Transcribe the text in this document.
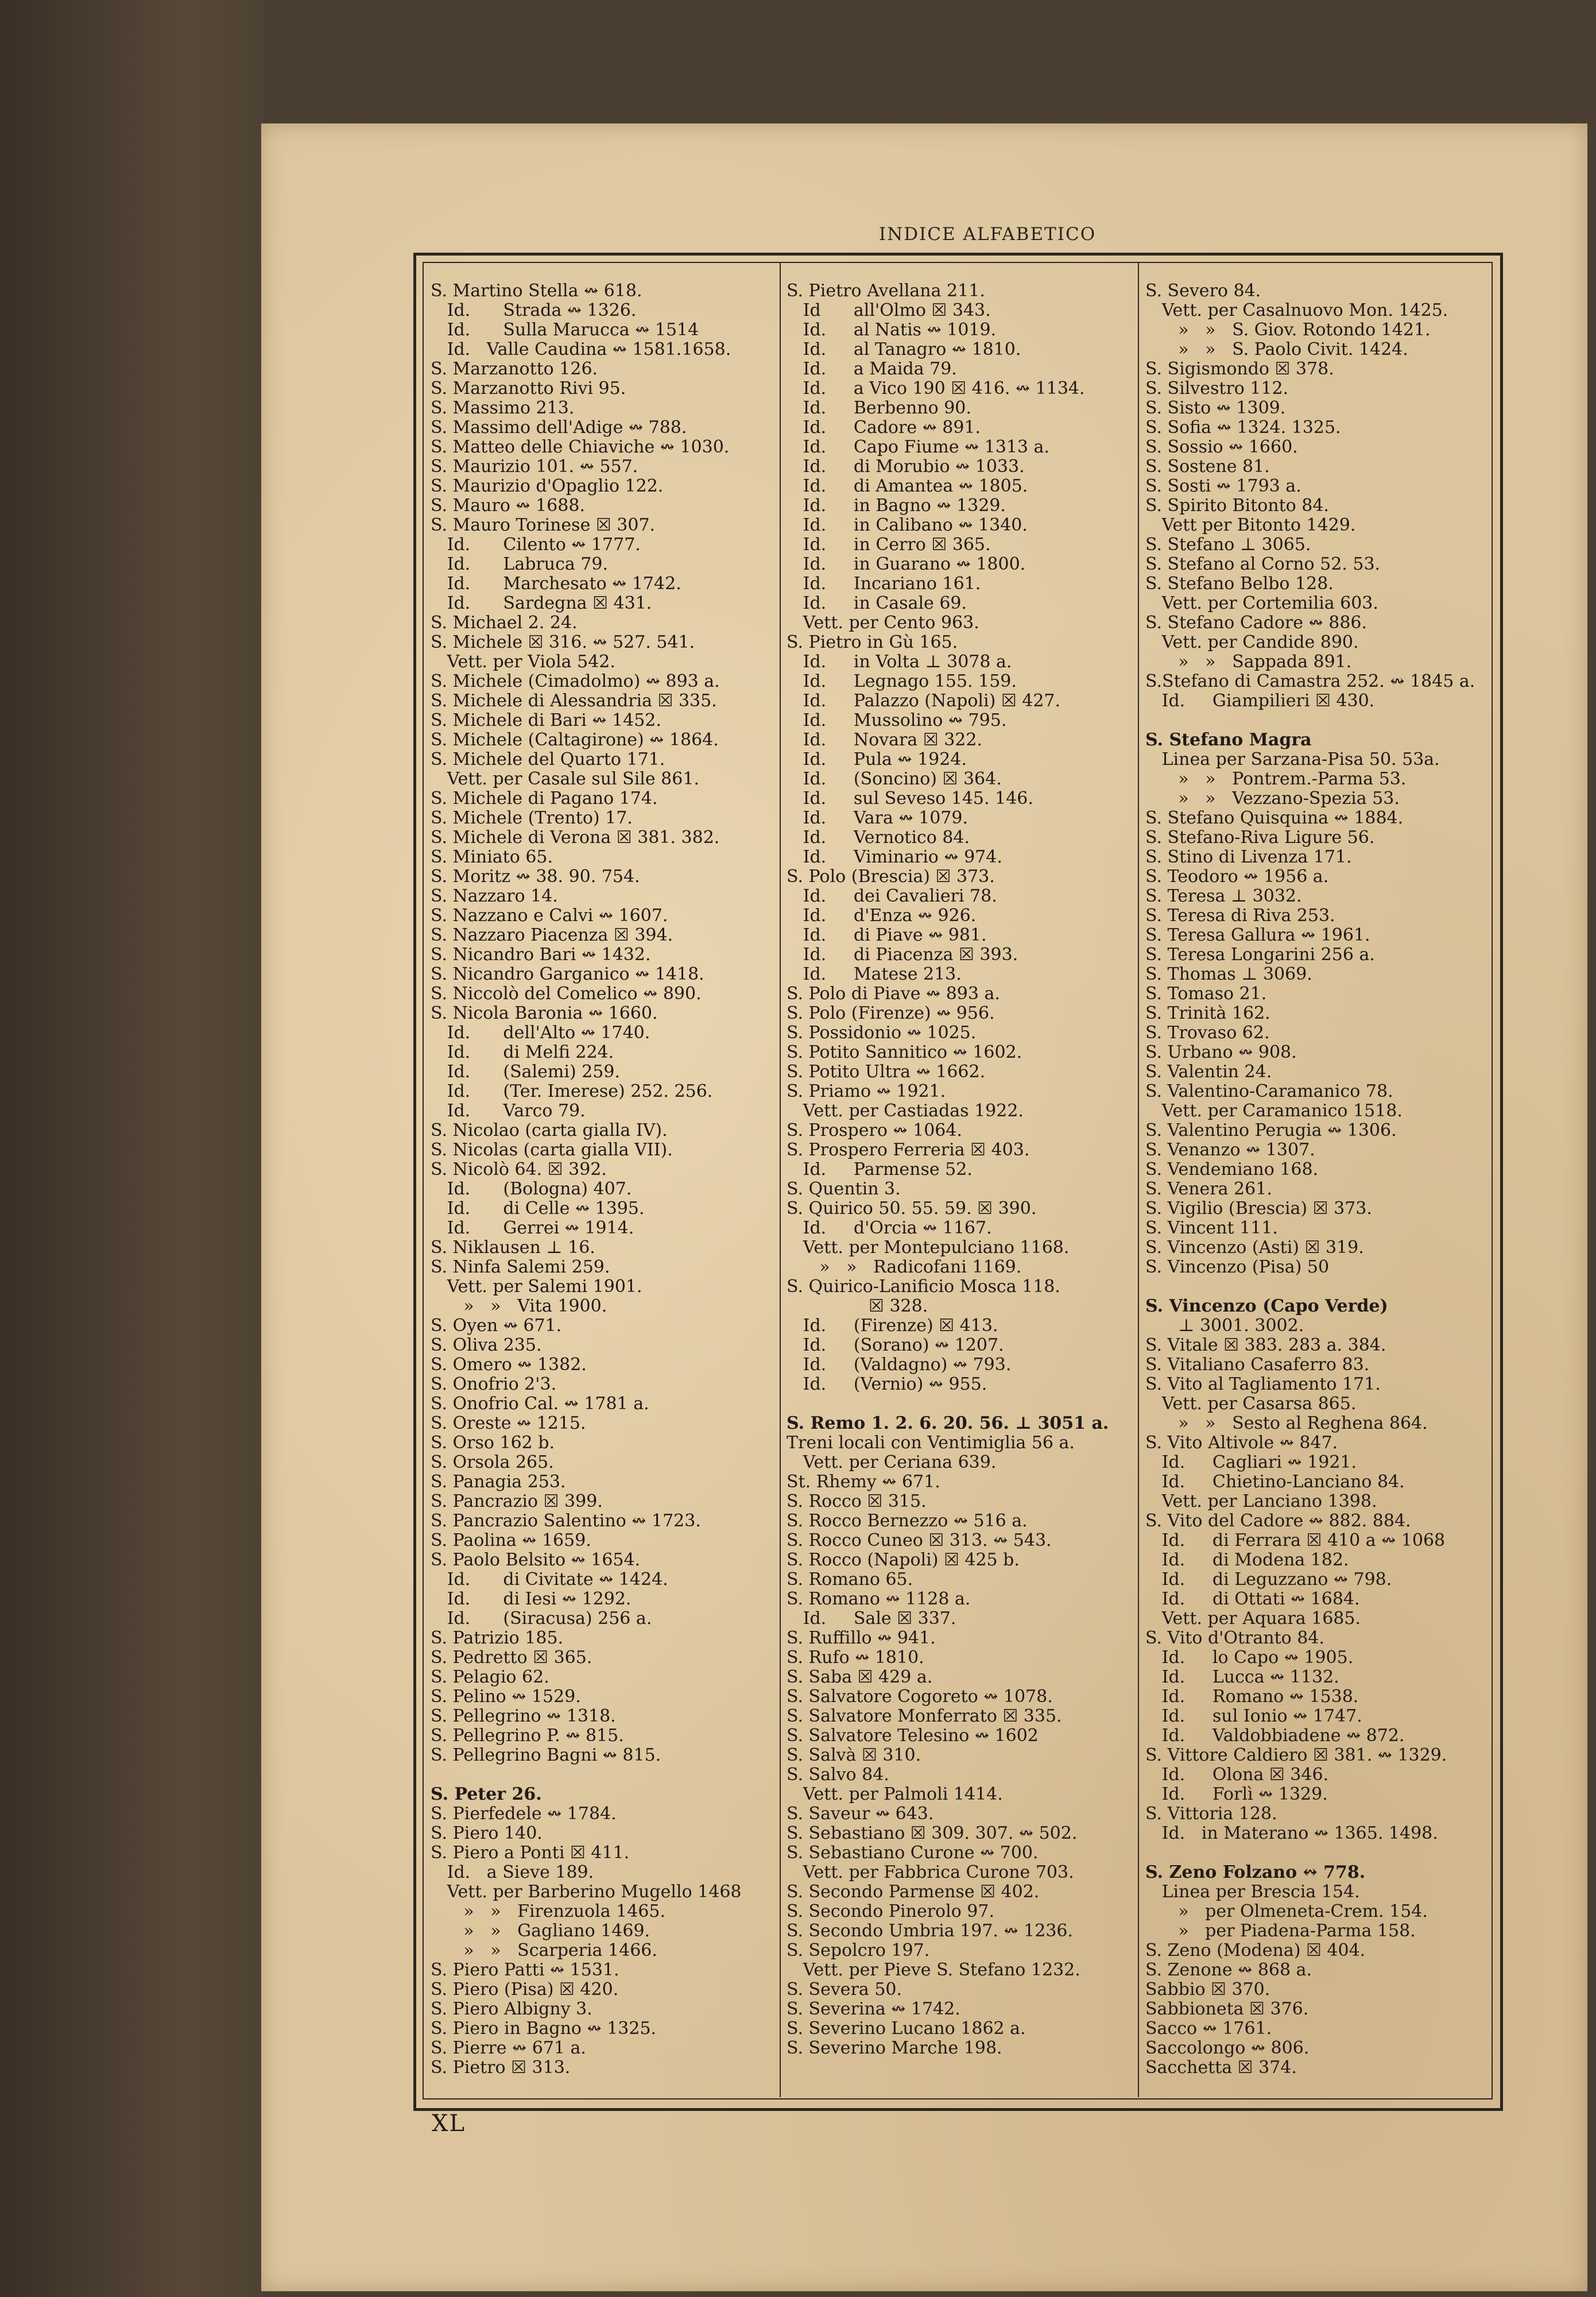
INDICE ALFABETICO
S. Martino Stella ↭ 618.
Id.      Strada ↭ 1326.
Id.      Sulla Marucca ↭ 1514
Id.   Valle Caudina ↭ 1581.1658.
S. Marzanotto 126.
S. Marzanotto Rivi 95.
S. Massimo 213.
S. Massimo dell'Adige ↭ 788.
S. Matteo delle Chiaviche ↭ 1030.
S. Maurizio 101. ↭ 557.
S. Maurizio d'Opaglio 122.
S. Mauro ↭ 1688.
S. Mauro Torinese ☒ 307.
Id.      Cilento ↭ 1777.
Id.      Labruca 79.
Id.      Marchesato ↭ 1742.
Id.      Sardegna ☒ 431.
S. Michael 2. 24.
S. Michele ☒ 316. ↭ 527. 541.
Vett. per Viola 542.
S. Michele (Cimadolmo) ↭ 893 a.
S. Michele di Alessandria ☒ 335.
S. Michele di Bari ↭ 1452.
S. Michele (Caltagirone) ↭ 1864.
S. Michele del Quarto 171.
Vett. per Casale sul Sile 861.
S. Michele di Pagano 174.
S. Michele (Trento) 17.
S. Michele di Verona ☒ 381. 382.
S. Miniato 65.
S. Moritz ↭ 38. 90. 754.
S. Nazzaro 14.
S. Nazzano e Calvi ↭ 1607.
S. Nazzaro Piacenza ☒ 394.
S. Nicandro Bari ↭ 1432.
S. Nicandro Garganico ↭ 1418.
S. Niccolò del Comelico ↭ 890.
S. Nicola Baronia ↭ 1660.
Id.      dell'Alto ↭ 1740.
Id.      di Melfi 224.
Id.      (Salemi) 259.
Id.      (Ter. Imerese) 252. 256.
Id.      Varco 79.
S. Nicolao (carta gialla IV).
S. Nicolas (carta gialla VII).
S. Nicolò 64. ☒ 392.
Id.      (Bologna) 407.
Id.      di Celle ↭ 1395.
Id.      Gerrei ↭ 1914.
S. Niklausen ⊥ 16.
S. Ninfa Salemi 259.
Vett. per Salemi 1901.
»   »   Vita 1900.
S. Oyen ↭ 671.
S. Oliva 235.
S. Omero ↭ 1382.
S. Onofrio 2'3.
S. Onofrio Cal. ↭ 1781 a.
S. Oreste ↭ 1215.
S. Orso 162 b.
S. Orsola 265.
S. Panagia 253.
S. Pancrazio ☒ 399.
S. Pancrazio Salentino ↭ 1723.
S. Paolina ↭ 1659.
S. Paolo Belsito ↭ 1654.
Id.      di Civitate ↭ 1424.
Id.      di Iesi ↭ 1292.
Id.      (Siracusa) 256 a.
S. Patrizio 185.
S. Pedretto ☒ 365.
S. Pelagio 62.
S. Pelino ↭ 1529.
S. Pellegrino ↭ 1318.
S. Pellegrino P. ↭ 815.
S. Pellegrino Bagni ↭ 815.
S. Peter 26.
S. Pierfedele ↭ 1784.
S. Piero 140.
S. Piero a Ponti ☒ 411.
Id.   a Sieve 189.
Vett. per Barberino Mugello 1468
»   »   Firenzuola 1465.
»   »   Gagliano 1469.
»   »   Scarperia 1466.
S. Piero Patti ↭ 1531.
S. Piero (Pisa) ☒ 420.
S. Piero Albigny 3.
S. Piero in Bagno ↭ 1325.
S. Pierre ↭ 671 a.
S. Pietro ☒ 313.
S. Pietro Avellana 211.
Id      all'Olmo ☒ 343.
Id.     al Natis ↭ 1019.
Id.     al Tanagro ↭ 1810.
Id.     a Maida 79.
Id.     a Vico 190 ☒ 416. ↭ 1134.
Id.     Berbenno 90.
Id.     Cadore ↭ 891.
Id.     Capo Fiume ↭ 1313 a.
Id.     di Morubio ↭ 1033.
Id.     di Amantea ↭ 1805.
Id.     in Bagno ↭ 1329.
Id.     in Calibano ↭ 1340.
Id.     in Cerro ☒ 365.
Id.     in Guarano ↭ 1800.
Id.     Incariano 161.
Id.     in Casale 69.
Vett. per Cento 963.
S. Pietro in Gù 165.
Id.     in Volta ⊥ 3078 a.
Id.     Legnago 155. 159.
Id.     Palazzo (Napoli) ☒ 427.
Id.     Mussolino ↭ 795.
Id.     Novara ☒ 322.
Id.     Pula ↭ 1924.
Id.     (Soncino) ☒ 364.
Id.     sul Seveso 145. 146.
Id.     Vara ↭ 1079.
Id.     Vernotico 84.
Id.     Viminario ↭ 974.
S. Polo (Brescia) ☒ 373.
Id.     dei Cavalieri 78.
Id.     d'Enza ↭ 926.
Id.     di Piave ↭ 981.
Id.     di Piacenza ☒ 393.
Id.     Matese 213.
S. Polo di Piave ↭ 893 a.
S. Polo (Firenze) ↭ 956.
S. Possidonio ↭ 1025.
S. Potito Sannitico ↭ 1602.
S. Potito Ultra ↭ 1662.
S. Priamo ↭ 1921.
Vett. per Castiadas 1922.
S. Prospero ↭ 1064.
S. Prospero Ferreria ☒ 403.
Id.     Parmense 52.
S. Quentin 3.
S. Quirico 50. 55. 59. ☒ 390.
Id.     d'Orcia ↭ 1167.
Vett. per Montepulciano 1168.
»   »   Radicofani 1169.
S. Quirico-Lanificio Mosca 118.
☒ 328.
Id.     (Firenze) ☒ 413.
Id.     (Sorano) ↭ 1207.
Id.     (Valdagno) ↭ 793.
Id.     (Vernio) ↭ 955.
S. Remo 1. 2. 6. 20. 56. ⊥ 3051 a.
Treni locali con Ventimiglia 56 a.
Vett. per Ceriana 639.
St. Rhemy ↭ 671.
S. Rocco ☒ 315.
S. Rocco Bernezzo ↭ 516 a.
S. Rocco Cuneo ☒ 313. ↭ 543.
S. Rocco (Napoli) ☒ 425 b.
S. Romano 65.
S. Romano ↭ 1128 a.
Id.     Sale ☒ 337.
S. Ruffillo ↭ 941.
S. Rufo ↭ 1810.
S. Saba ☒ 429 a.
S. Salvatore Cogoreto ↭ 1078.
S. Salvatore Monferrato ☒ 335.
S. Salvatore Telesino ↭ 1602
S. Salvà ☒ 310.
S. Salvo 84.
Vett. per Palmoli 1414.
S. Saveur ↭ 643.
S. Sebastiano ☒ 309. 307. ↭ 502.
S. Sebastiano Curone ↭ 700.
Vett. per Fabbrica Curone 703.
S. Secondo Parmense ☒ 402.
S. Secondo Pinerolo 97.
S. Secondo Umbria 197. ↭ 1236.
S. Sepolcro 197.
Vett. per Pieve S. Stefano 1232.
S. Severa 50.
S. Severina ↭ 1742.
S. Severino Lucano 1862 a.
S. Severino Marche 198.
S. Severo 84.
Vett. per Casalnuovo Mon. 1425.
»   »   S. Giov. Rotondo 1421.
»   »   S. Paolo Civit. 1424.
S. Sigismondo ☒ 378.
S. Silvestro 112.
S. Sisto ↭ 1309.
S. Sofia ↭ 1324. 1325.
S. Sossio ↭ 1660.
S. Sostene 81.
S. Sosti ↭ 1793 a.
S. Spirito Bitonto 84.
Vett per Bitonto 1429.
S. Stefano ⊥ 3065.
S. Stefano al Corno 52. 53.
S. Stefano Belbo 128.
Vett. per Cortemilia 603.
S. Stefano Cadore ↭ 886.
Vett. per Candide 890.
»   »   Sappada 891.
S.Stefano di Camastra 252. ↭ 1845 a.
Id.     Giampilieri ☒ 430.
S. Stefano Magra
Linea per Sarzana-Pisa 50. 53a.
»   »   Pontrem.-Parma 53.
»   »   Vezzano-Spezia 53.
S. Stefano Quisquina ↭ 1884.
S. Stefano-Riva Ligure 56.
S. Stino di Livenza 171.
S. Teodoro ↭ 1956 a.
S. Teresa ⊥ 3032.
S. Teresa di Riva 253.
S. Teresa Gallura ↭ 1961.
S. Teresa Longarini 256 a.
S. Thomas ⊥ 3069.
S. Tomaso 21.
S. Trinità 162.
S. Trovaso 62.
S. Urbano ↭ 908.
S. Valentin 24.
S. Valentino-Caramanico 78.
Vett. per Caramanico 1518.
S. Valentino Perugia ↭ 1306.
S. Venanzo ↭ 1307.
S. Vendemiano 168.
S. Venera 261.
S. Vigilio (Brescia) ☒ 373.
S. Vincent 111.
S. Vincenzo (Asti) ☒ 319.
S. Vincenzo (Pisa) 50
S. Vincenzo (Capo Verde)
⊥ 3001. 3002.
S. Vitale ☒ 383. 283 a. 384.
S. Vitaliano Casaferro 83.
S. Vito al Tagliamento 171.
Vett. per Casarsa 865.
»   »   Sesto al Reghena 864.
S. Vito Altivole ↭ 847.
Id.     Cagliari ↭ 1921.
Id.     Chietino-Lanciano 84.
Vett. per Lanciano 1398.
S. Vito del Cadore ↭ 882. 884.
Id.     di Ferrara ☒ 410 a ↭ 1068
Id.     di Modena 182.
Id.     di Leguzzano ↭ 798.
Id.     di Ottati ↭ 1684.
Vett. per Aquara 1685.
S. Vito d'Otranto 84.
Id.     lo Capo ↭ 1905.
Id.     Lucca ↭ 1132.
Id.     Romano ↭ 1538.
Id.     sul Ionio ↭ 1747.
Id.     Valdobbiadene ↭ 872.
S. Vittore Caldiero ☒ 381. ↭ 1329.
Id.     Olona ☒ 346.
Id.     Forlì ↭ 1329.
S. Vittoria 128.
Id.   in Materano ↭ 1365. 1498.
S. Zeno Folzano ↭ 778.
Linea per Brescia 154.
»   per Olmeneta-Crem. 154.
»   per Piadena-Parma 158.
S. Zeno (Modena) ☒ 404.
S. Zenone ↭ 868 a.
Sabbio ☒ 370.
Sabbioneta ☒ 376.
Sacco ↭ 1761.
Saccolongo ↭ 806.
Sacchetta ☒ 374.
XL
